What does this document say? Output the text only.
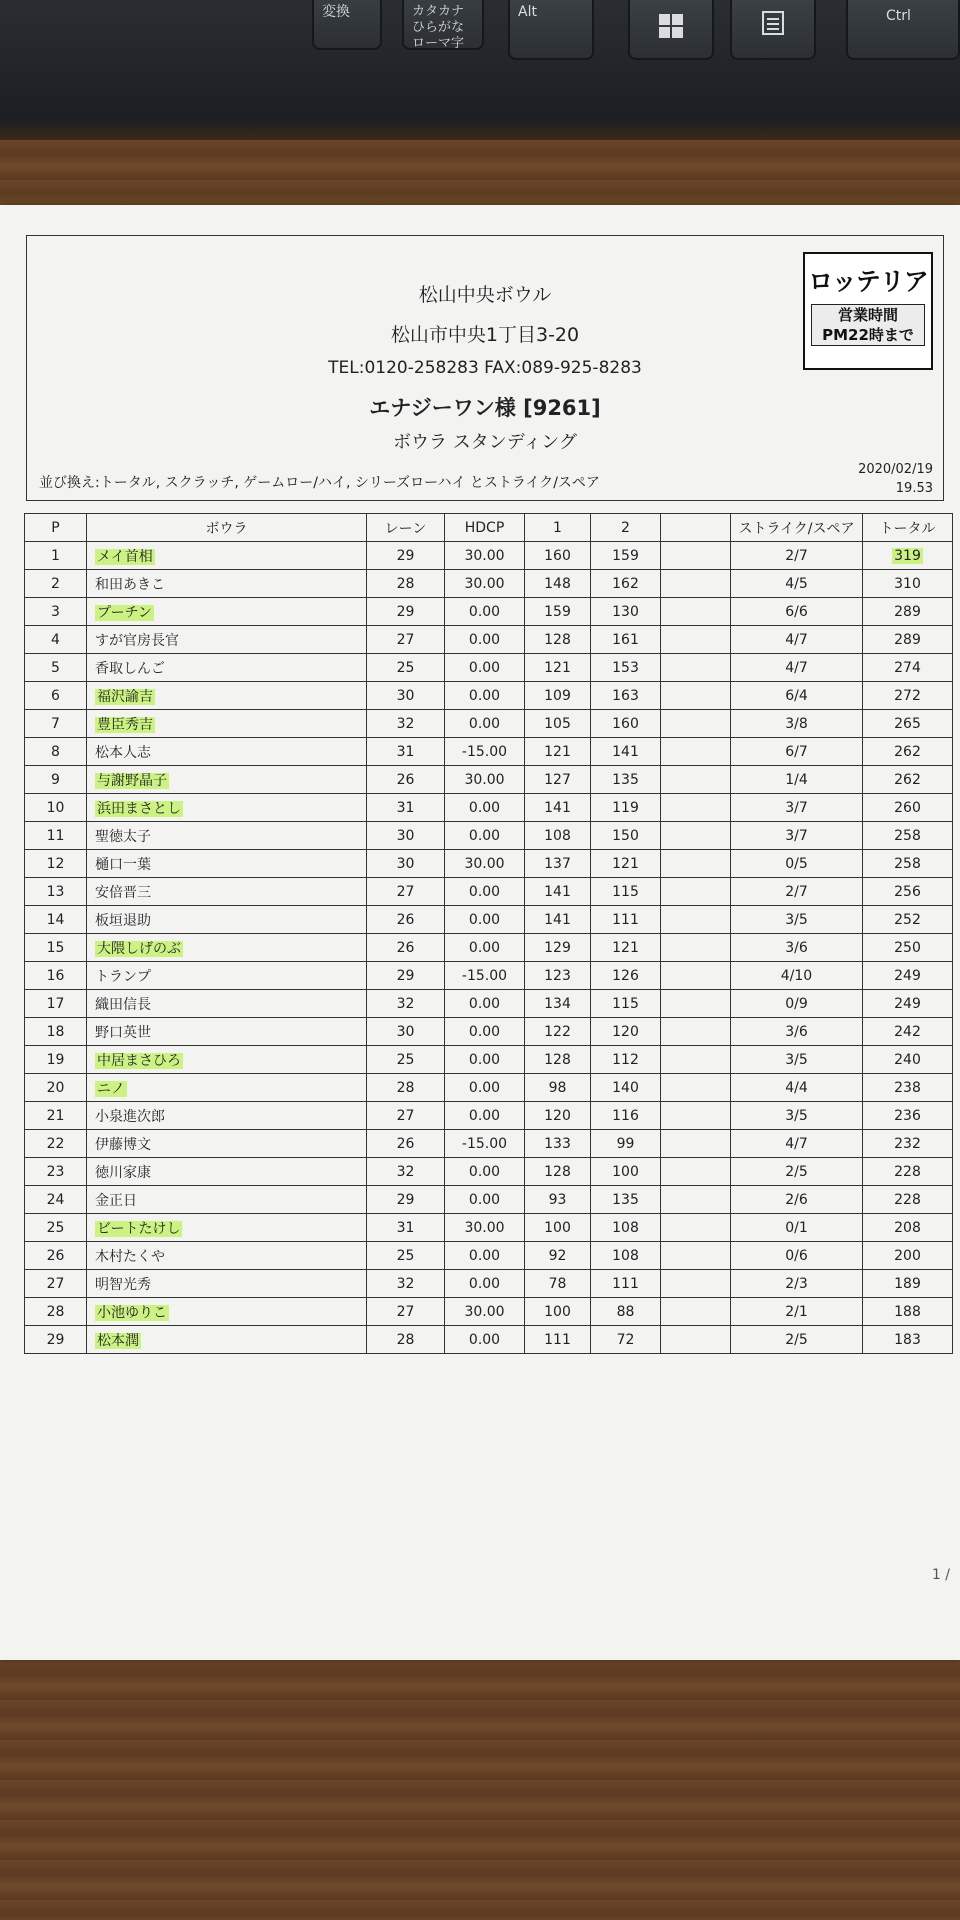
変換	カタカナ
ひらがな
ローマ字
Alt	Ctrl
松山中央ボウル
松山市中央1丁目3-20
TEL:0120-258283 FAX:089-925-8283
エナジーワン様 [9261]
ボウラ スタンディング
並び換え:トータル, スクラッチ, ゲームロー/ハイ, シリーズローハイ とストライク/スペア
2020/02/19
19.53
ロッテリア
営業時間
PM22時まで
P	ボウラ	レーン	HDCP	1	2		ストライク/スペア	トータル
1	メイ首相	29	30.00	160	159		2/7	319
2	和田あきこ	28	30.00	148	162		4/5	310
3	プーチン	29	0.00	159	130		6/6	289
4	すが官房長官	27	0.00	128	161		4/7	289
5	香取しんご	25	0.00	121	153		4/7	274
6	福沢諭吉	30	0.00	109	163		6/4	272
7	豊臣秀吉	32	0.00	105	160		3/8	265
8	松本人志	31	-15.00	121	141		6/7	262
9	与謝野晶子	26	30.00	127	135		1/4	262
10	浜田まさとし	31	0.00	141	119		3/7	260
11	聖徳太子	30	0.00	108	150		3/7	258
12	樋口一葉	30	30.00	137	121		0/5	258
13	安倍晋三	27	0.00	141	115		2/7	256
14	板垣退助	26	0.00	141	111		3/5	252
15	大隈しげのぶ	26	0.00	129	121		3/6	250
16	トランプ	29	-15.00	123	126		4/10	249
17	織田信長	32	0.00	134	115		0/9	249
18	野口英世	30	0.00	122	120		3/6	242
19	中居まさひろ	25	0.00	128	112		3/5	240
20	ニノ	28	0.00	98	140		4/4	238
21	小泉進次郎	27	0.00	120	116		3/5	236
22	伊藤博文	26	-15.00	133	99		4/7	232
23	徳川家康	32	0.00	128	100		2/5	228
24	金正日	29	0.00	93	135		2/6	228
25	ビートたけし	31	30.00	100	108		0/1	208
26	木村たくや	25	0.00	92	108		0/6	200
27	明智光秀	32	0.00	78	111		2/3	189
28	小池ゆりこ	27	30.00	100	88		2/1	188
29	松本潤	28	0.00	111	72		2/5	183
1 /
